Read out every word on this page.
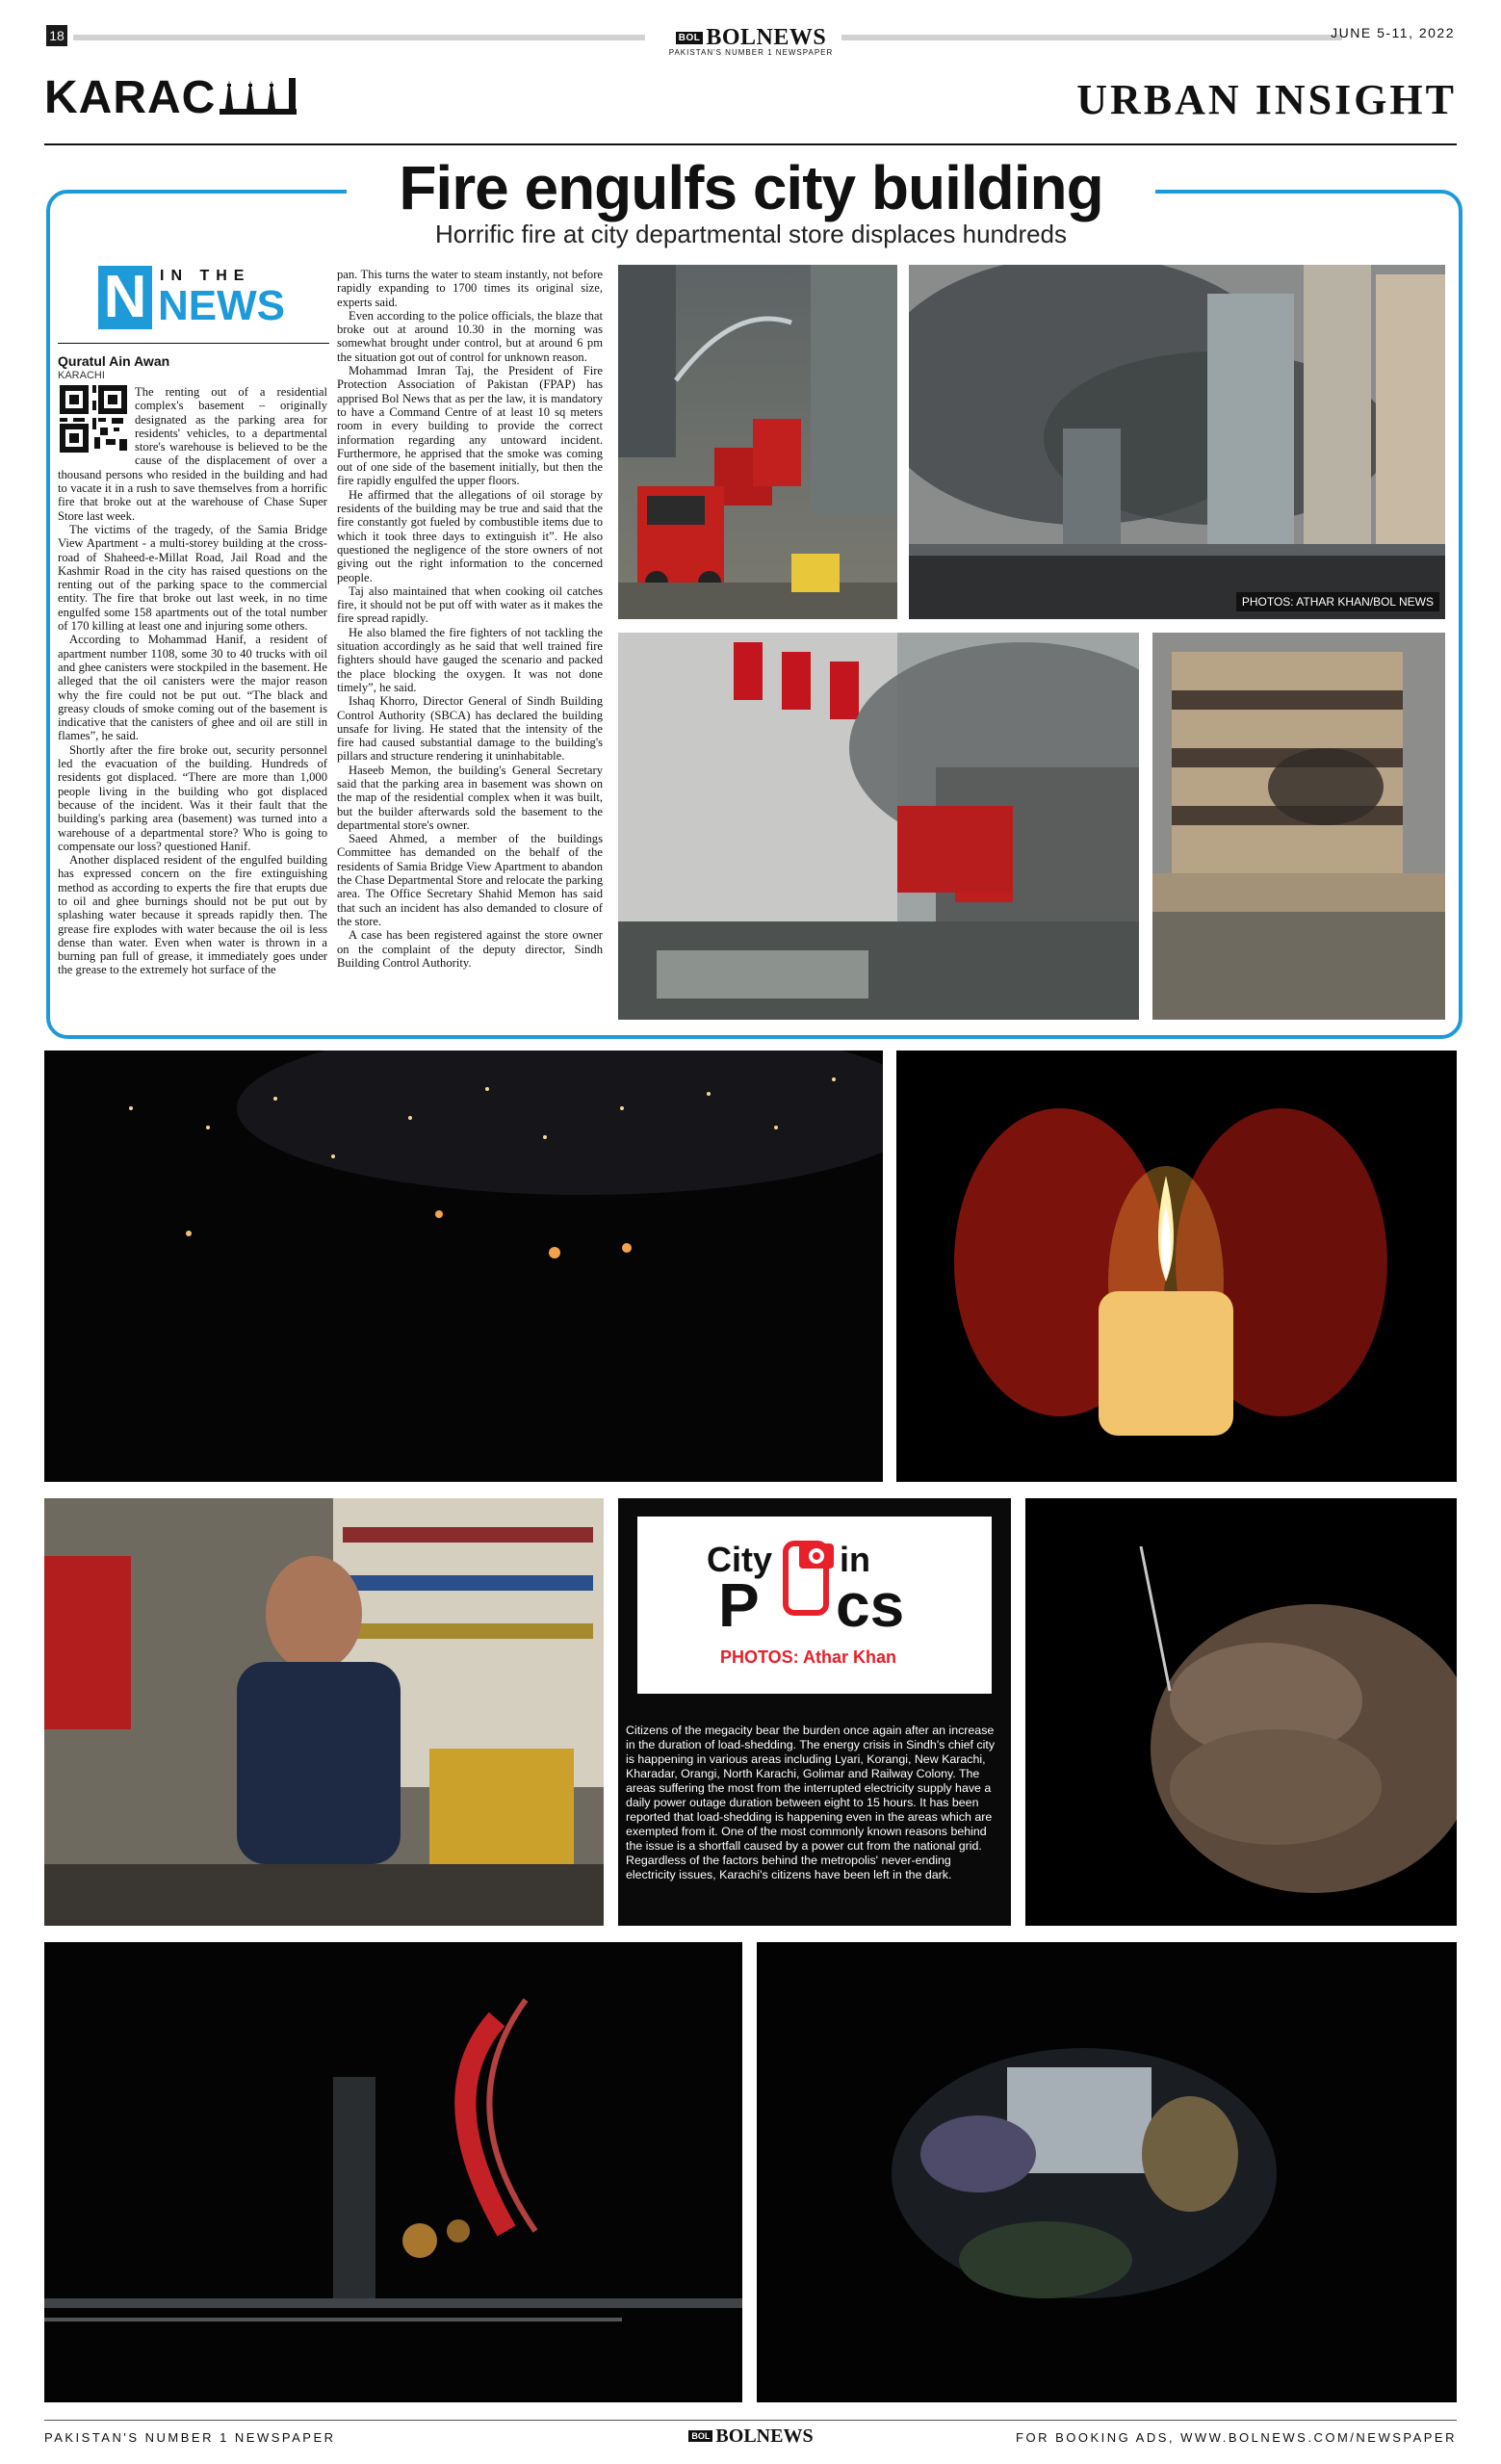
18	BOL BOLNEWS
PAKISTAN'S NUMBER 1 NEWSPAPER
JUNE 5-11, 2022
KARAC	URBAN INSIGHT
Fire engulfs city building
Horrific fire at city departmental store displaces hundreds
N IN THE
NEWS
Quratul Ain Awan
KARACHI

The renting out of a residential complex's basement – originally designated as the parking area for residents' vehicles, to a departmental store's warehouse is believed to be the cause of the displacement of over a thousand persons who resided in the building and had to vacate it in a rush to save themselves from a horrific fire that broke out at the warehouse of Chase Super Store last week.

The victims of the tragedy, of the Samia Bridge View Apartment - a multi-storey building at the cross-road of Shaheed-e-Millat Road, Jail Road and the Kashmir Road in the city has raised questions on the renting out of the parking space to the commercial entity. The fire that broke out last week, in no time engulfed some 158 apartments out of the total number of 170 killing at least one and injuring some others.

According to Mohammad Hanif, a resident of apartment number 1108, some 30 to 40 trucks with oil and ghee canisters were stockpiled in the basement. He alleged that the oil canisters were the major reason why the fire could not be put out. “The black and greasy clouds of smoke coming out of the basement is indicative that the canisters of ghee and oil are still in flames”, he said.

Shortly after the fire broke out, security personnel led the evacuation of the building. Hundreds of residents got displaced. “There are more than 1,000 people living in the building who got displaced because of the incident. Was it their fault that the building's parking area (basement) was turned into a warehouse of a departmental store? Who is going to compensate our loss? questioned Hanif.

Another displaced resident of the engulfed building has expressed concern on the fire extinguishing method as according to experts the fire that erupts due to oil and ghee burnings should not be put out by splashing water because it spreads rapidly then. The grease fire explodes with water because the oil is less dense than water. Even when water is thrown in a burning pan full of grease, it immediately goes under the grease to the extremely hot surface of the

pan. This turns the water to steam instantly, not before rapidly expanding to 1700 times its original size, experts said.

Even according to the police officials, the blaze that broke out at around 10.30 in the morning was somewhat brought under control, but at around 6 pm the situation got out of control for unknown reason.

Mohammad Imran Taj, the President of Fire Protection Association of Pakistan (FPAP) has apprised Bol News that as per the law, it is mandatory to have a Command Centre of at least 10 sq meters room in every building to provide the correct information regarding any untoward incident. Furthermore, he apprised that the smoke was coming out of one side of the basement initially, but then the fire rapidly engulfed the upper floors.

He affirmed that the allegations of oil storage by residents of the building may be true and said that the fire constantly got fueled by combustible items due to which it took three days to extinguish it”. He also questioned the negligence of the store owners of not giving out the right information to the concerned people.

Taj also maintained that when cooking oil catches fire, it should not be put off with water as it makes the fire spread rapidly.

He also blamed the fire fighters of not tackling the situation accordingly as he said that well trained fire fighters should have gauged the scenario and packed the place blocking the oxygen. It was not done timely”, he said.

Ishaq Khorro, Director General of Sindh Building Control Authority (SBCA) has declared the building unsafe for living. He stated that the intensity of the fire had caused substantial damage to the building's pillars and structure rendering it uninhabitable.

Haseeb Memon, the building's General Secretary said that the parking area in basement was shown on the map of the residential complex when it was built, but the builder afterwards sold the basement to the departmental store's owner.

Saeed Ahmed, a member of the buildings Committee has demanded on the behalf of the residents of Samia Bridge View Apartment to abandon the Chase Departmental Store and relocate the parking area. The Office Secretary Shahid Memon has said that such an incident has also demanded to closure of the store.

A case has been registered against the store owner on the complaint of the deputy director, Sindh Building Control Authority.

PHOTOS: ATHAR KHAN/BOL NEWS
City in
P cs
PHOTOS: Athar Khan
Citizens of the megacity bear the burden once again after an increase in the duration of load-shedding. The energy crisis in Sindh's chief city is happening in various areas including Lyari, Korangi, New Karachi, Kharadar, Orangi, North Karachi, Golimar and Railway Colony. The areas suffering the most from the interrupted electricity supply have a daily power outage duration between eight to 15 hours. It has been reported that load-shedding is happening even in the areas which are exempted from it. One of the most commonly known reasons behind the issue is a shortfall caused by a power cut from the national grid. Regardless of the factors behind the metropolis' never-ending electricity issues, Karachi's citizens have been left in the dark.
PAKISTAN'S NUMBER 1 NEWSPAPER	BOL BOLNEWS	FOR BOOKING ADS, WWW.BOLNEWS.COM/NEWSPAPER
